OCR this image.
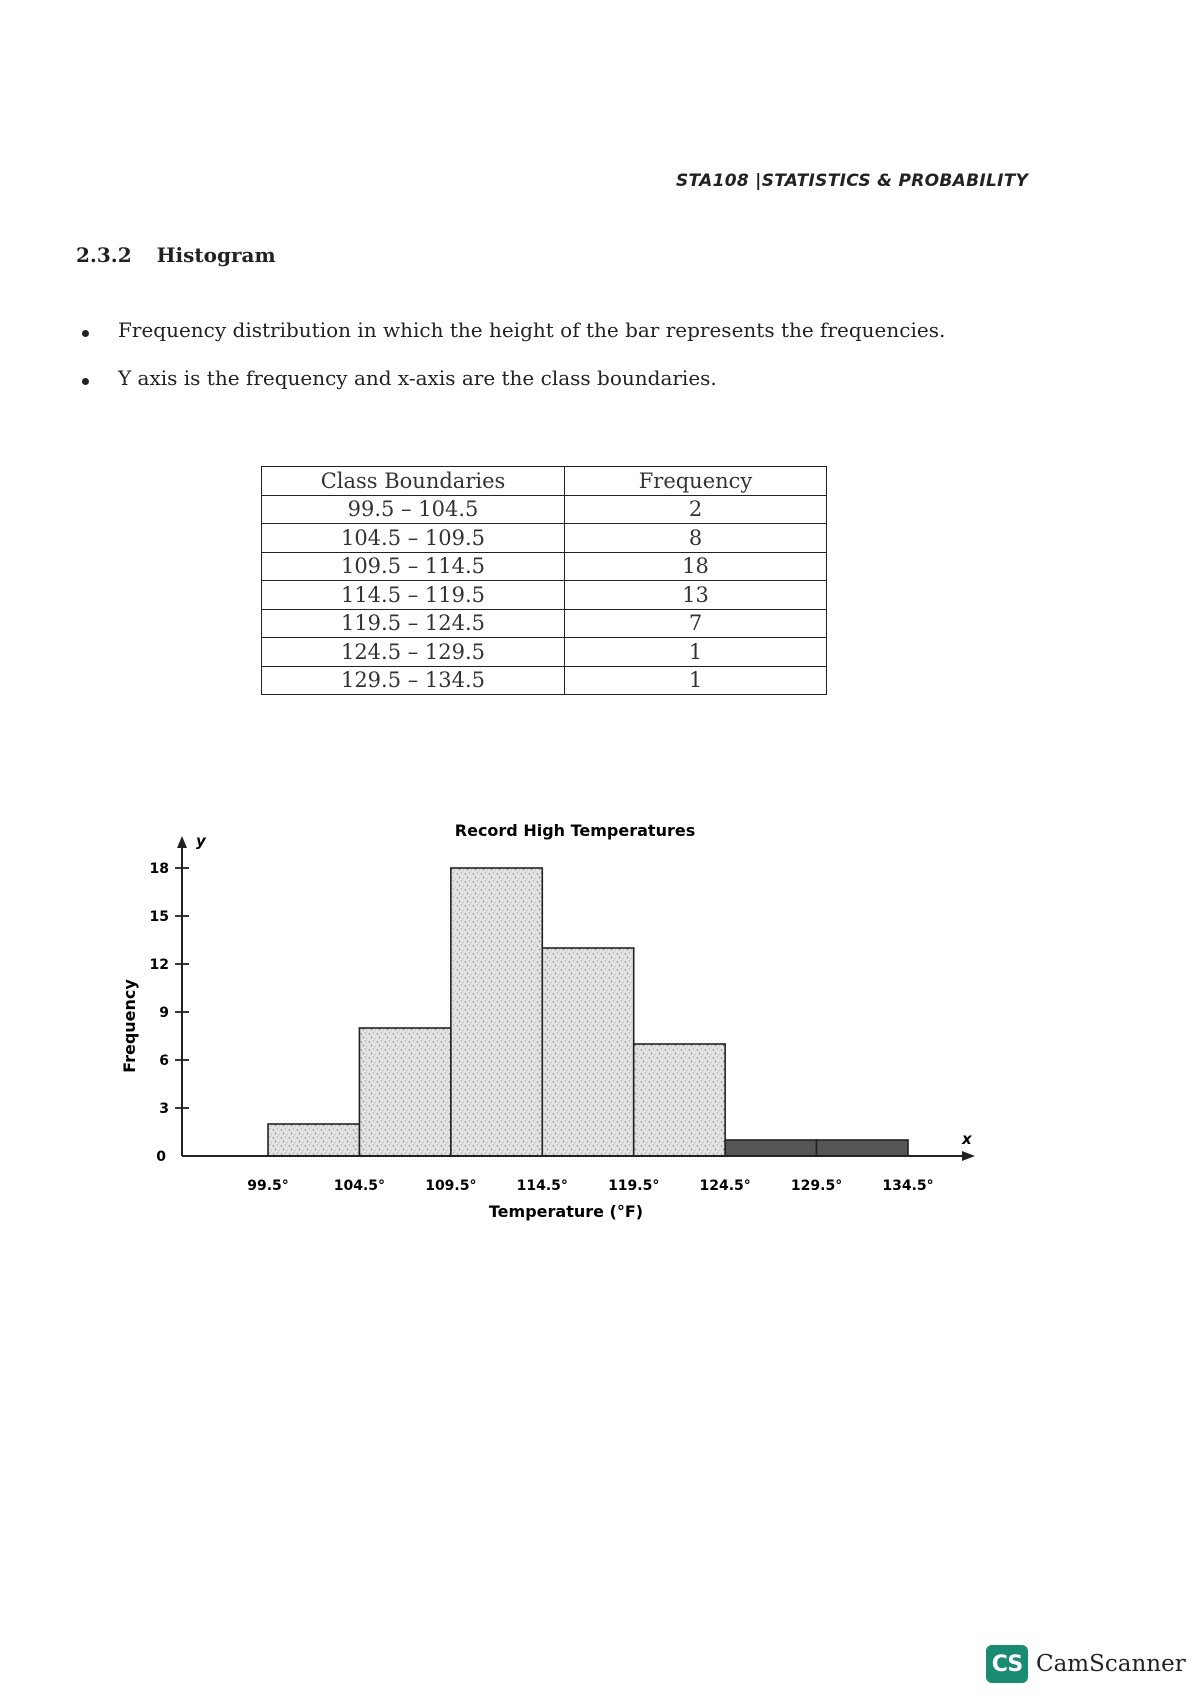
STA108 |STATISTICS & PROBABILITY
2.3.2 Histogram
Frequency distribution in which the height of the bar represents the frequencies.
Y axis is the frequency and x-axis are the class boundaries.
Class Boundaries	Frequency
99.5 – 104.5	2
104.5 – 109.5	8
109.5 – 114.5	18
114.5 – 119.5	13
119.5 – 124.5	7
124.5 – 129.5	1
129.5 – 134.5	1
Record High Temperatures
y
x
0
3
6
9
12
15
18
99.5°	104.5°	109.5°	114.5°	119.5°	124.5°	129.5°	134.5°
Temperature (°F)
Frequency
CS CamScanner
